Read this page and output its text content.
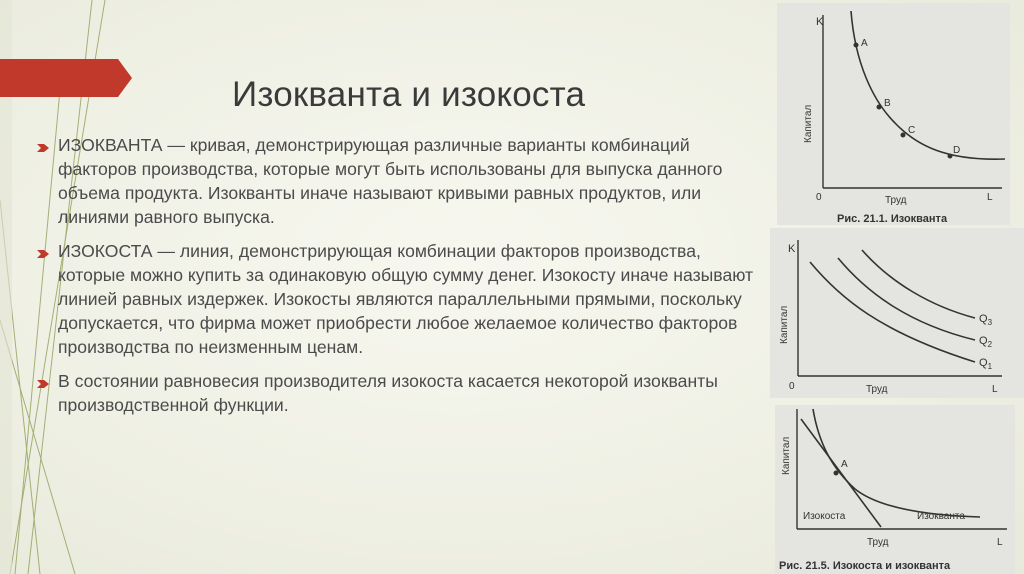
Изокванта и изокоста
ИЗОКВАНТА — кривая, демонстрирующая различные варианты комбинаций факторов производства, которые могут быть использованы для выпуска данного объема продукта. Изокванты иначе называют кривыми равных продуктов, или линиями равного выпуска.
ИЗОКОСТА — линия, демонстрирующая комбинации факторов производства, которые можно купить за одинаковую общую сумму денег. Изокосту иначе называют линией равных издержек. Изокосты являются параллельными прямыми, поскольку допускается, что фирма может приобрести любое желаемое количество факторов производства по неизменным ценам.
В состоянии равновесия производителя изокоста касается некоторой изокванты производственной функции.
K
Капитал
0	Труд	L
A
B
C
D
Рис. 21.1. Изокванта
K
Капитал
0	Труд	L
$Q_3$
$Q_2$
$Q_1$
Капитал
Труд	L
A
Изокоста	Изокванта
Рис. 21.5. Изокоста и изокванта
